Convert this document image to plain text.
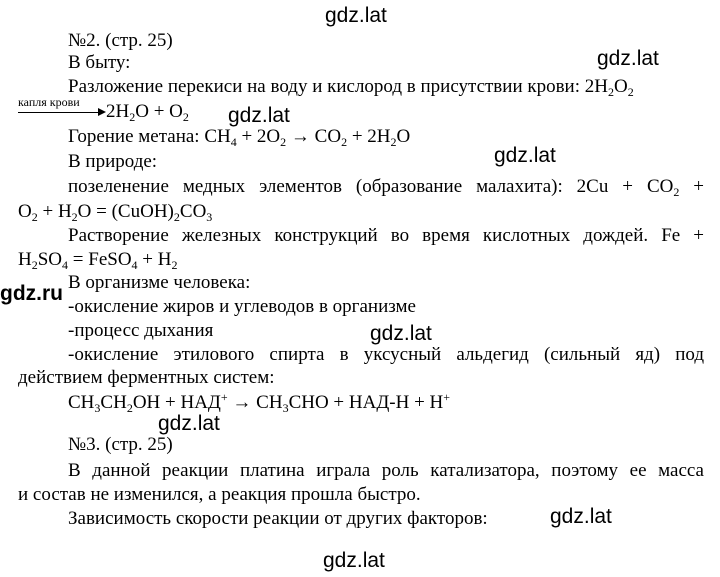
gdz.lat
gdz.lat
gdz.lat
gdz.lat
gdz.ru
gdz.lat
gdz.lat
gdz.lat
gdz.lat
№2. (стр. 25)
В быту:
Разложение перекиси на воду и кислород в присутствии крови: $2H_2O_2$
капля крови $2H_2O + O_2$
Горение метана: $CH_4 + 2O_2 \to CO_2 + 2H_2O$
В природе:
позеленение медных элементов (образование малахита): $2Cu + CO_2$ +
$O_2 + H_2O$ = $(CuOH)_2CO_3$
Растворение железных конструкций во время кислотных дождей. Fe +
$H_2SO_4$ = FeSO$_4$ + $H_2$
В организме человека:
-окисление жиров и углеводов в организме
-процесс дыхания
-окисление этилового спирта в уксусный альдегид (сильный яд) под
действием ферментных систем:
$CH_3CH_2OH + НАД^+ \to CH_3CHO + НАД-Н + H^+$
№3. (стр. 25)
В данной реакции платина играла роль катализатора, поэтому ее масса
и состав не изменился, а реакция прошла быстро.
Зависимость скорости реакции от других факторов:
